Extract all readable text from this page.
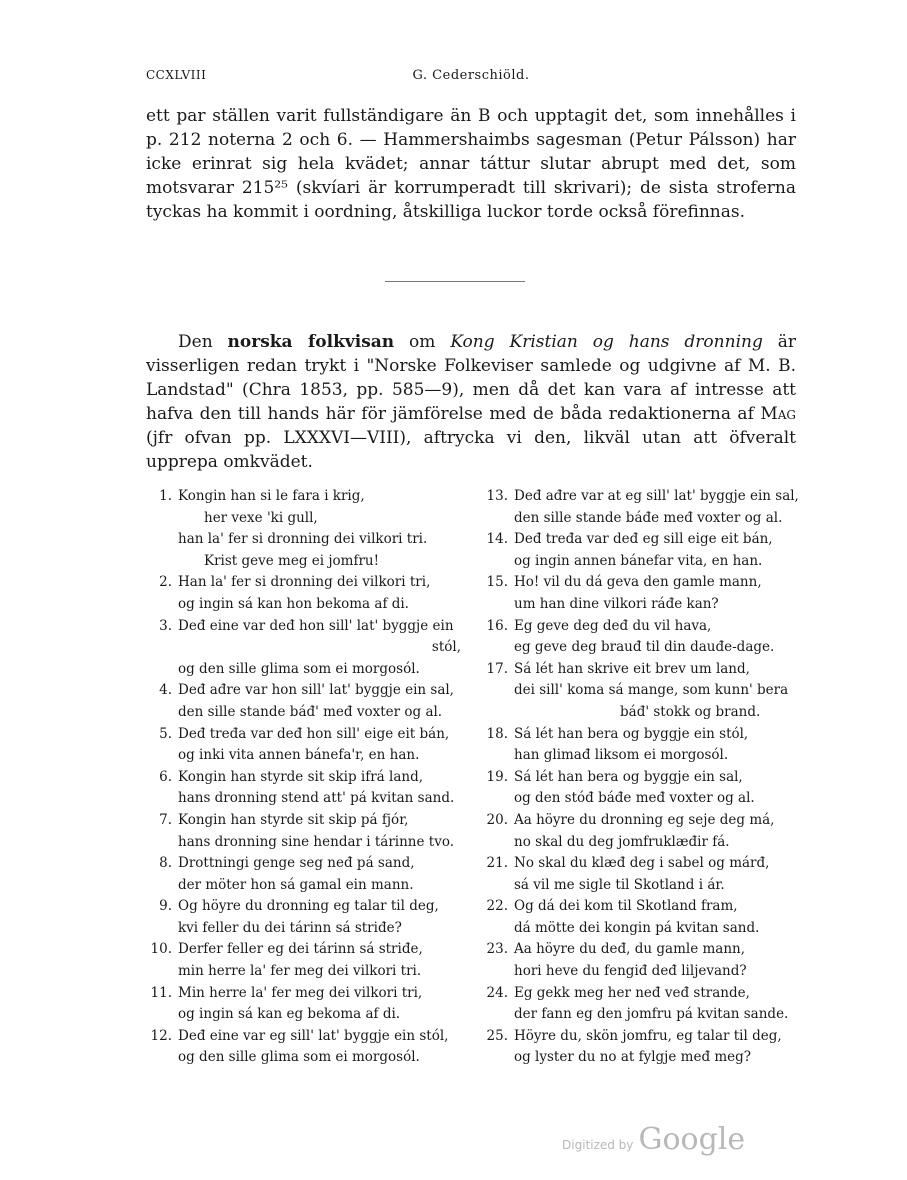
CCXLVIII	G. Cederschiöld.

ett par ställen varit fullständigare än B och upptagit det, som innehålles i p. 212 noterna 2 och 6. — Hammershaimbs sagesman (Petur Pálsson) har icke erinrat sig hela kvädet; annar táttur slutar abrupt med det, som motsvarar 215²⁵ (skvíari är korrumperadt till skrivari); de sista stroferna tyckas ha kommit i oordning, åtskilliga luckor torde också förefinnas.

Den norska folkvisan om Kong Kristian og hans dronning är visserligen redan trykt i "Norske Folkeviser samlede og udgivne af M. B. Landstad" (Chra 1853, pp. 585—9), men då det kan vara af intresse att hafva den till hands här för jämförelse med de båda redaktionerna af Mag (jfr ofvan pp. LXXXVI—VIII), aftrycka vi den, likväl utan att öfveralt upprepa omkvädet.

1. Kongin han si le fara i krig,
her vexe 'ki gull,
han la' fer si dronning dei vilkori tri.
Krist geve meg ei jomfru!
2. Han la' fer si dronning dei vilkori tri,
og ingin sá kan hon bekoma af di.
3. Deđ eine var deđ hon sill' lat' byggje ein
stól,
og den sille glima som ei morgosól.
4. Deđ ađre var hon sill' lat' byggje ein sal,
den sille stande báđ' međ voxter og al.
5. Deđ tređa var deđ hon sill' eige eit bán,
og inki vita annen bánefa'r, en han.
6. Kongin han styrde sit skip ifrá land,
hans dronning stend att' pá kvitan sand.
7. Kongin han styrde sit skip pá fjór,
hans dronning sine hendar i tárinne tvo.
8. Drottningi genge seg neđ pá sand,
der möter hon sá gamal ein mann.
9. Og höyre du dronning eg talar til deg,
kvi feller du dei tárinn sá striđe?
10. Derfer feller eg dei tárinn sá striđe,
min herre la' fer meg dei vilkori tri.
11. Min herre la' fer meg dei vilkori tri,
og ingin sá kan eg bekoma af di.
12. Deđ eine var eg sill' lat' byggje ein stól,
og den sille glima som ei morgosól.
13. Deđ ađre var at eg sill' lat' byggje ein sal,
den sille stande báđe međ voxter og al.
14. Deđ tređa var deđ eg sill eige eit bán,
og ingin annen bánefar vita, en han.
15. Ho! vil du dá geva den gamle mann,
um han dine vilkori ráđe kan?
16. Eg geve deg deđ du vil hava,
eg geve deg brauđ til din dauđe-dage.
17. Sá lét han skrive eit brev um land,
dei sill' koma sá mange, som kunn' bera
báđ' stokk og brand.
18. Sá lét han bera og byggje ein stól,
han glimađ liksom ei morgosól.
19. Sá lét han bera og byggje ein sal,
og den stóđ báđe međ voxter og al.
20. Aa höyre du dronning eg seje deg má,
no skal du deg jomfruklæđir fá.
21. No skal du klæđ deg i sabel og márđ,
sá vil me sigle til Skotland i ár.
22. Og dá dei kom til Skotland fram,
dá mötte dei kongin pá kvitan sand.
23. Aa höyre du deđ, du gamle mann,
hori heve du fengiđ deđ liljevand?
24. Eg gekk meg her neđ veđ strande,
der fann eg den jomfru pá kvitan sande.
25. Höyre du, skön jomfru, eg talar til deg,
og lyster du no at fylgje međ meg?
Digitized by Google
